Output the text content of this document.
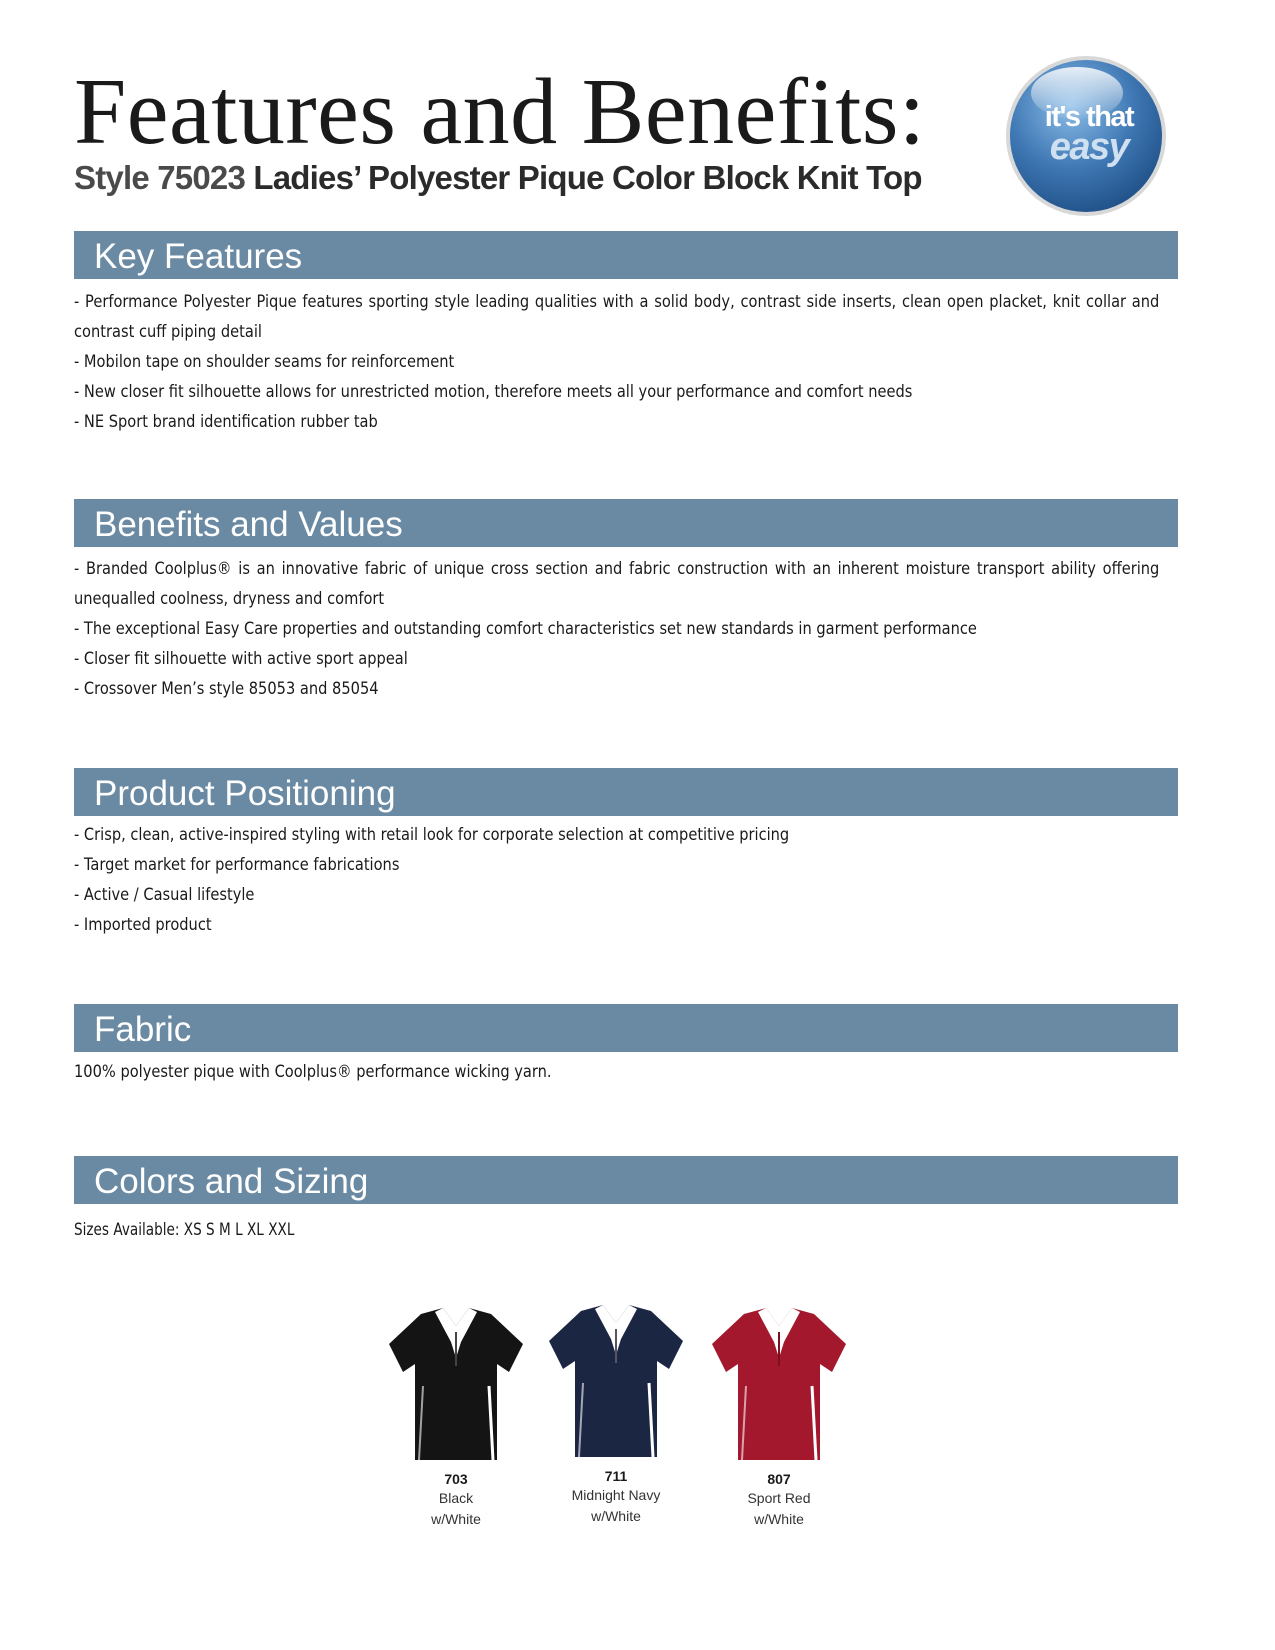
Features and Benefits:
Style 75023 Ladies’ Polyester Pique Color Block Knit Top
it's that
easy
Key Features

- Performance Polyester Pique features sporting style leading qualities with a solid body, contrast side inserts, clean open placket, knit collar and contrast cuff piping detail

- Mobilon tape on shoulder seams for reinforcement

- New closer fit silhouette allows for unrestricted motion, therefore meets all your performance and comfort needs

- NE Sport brand identification rubber tab

Benefits and Values

- Branded Coolplus® is an innovative fabric of unique cross section and fabric construction with an inherent moisture transport ability offering unequalled coolness, dryness and comfort

- The exceptional Easy Care properties and outstanding comfort characteristics set new standards in garment performance

- Closer fit silhouette with active sport appeal

- Crossover Men’s style 85053 and 85054

Product Positioning

- Crisp, clean, active-inspired styling with retail look for corporate selection at competitive pricing

- Target market for performance fabrications

- Active / Casual lifestyle

- Imported product

Fabric

100% polyester pique with Coolplus® performance wicking yarn.

Colors and Sizing
Sizes Available: XS S M L XL XXL
703
Black
w/White
711
Midnight Navy
w/White
807
Sport Red
w/White
